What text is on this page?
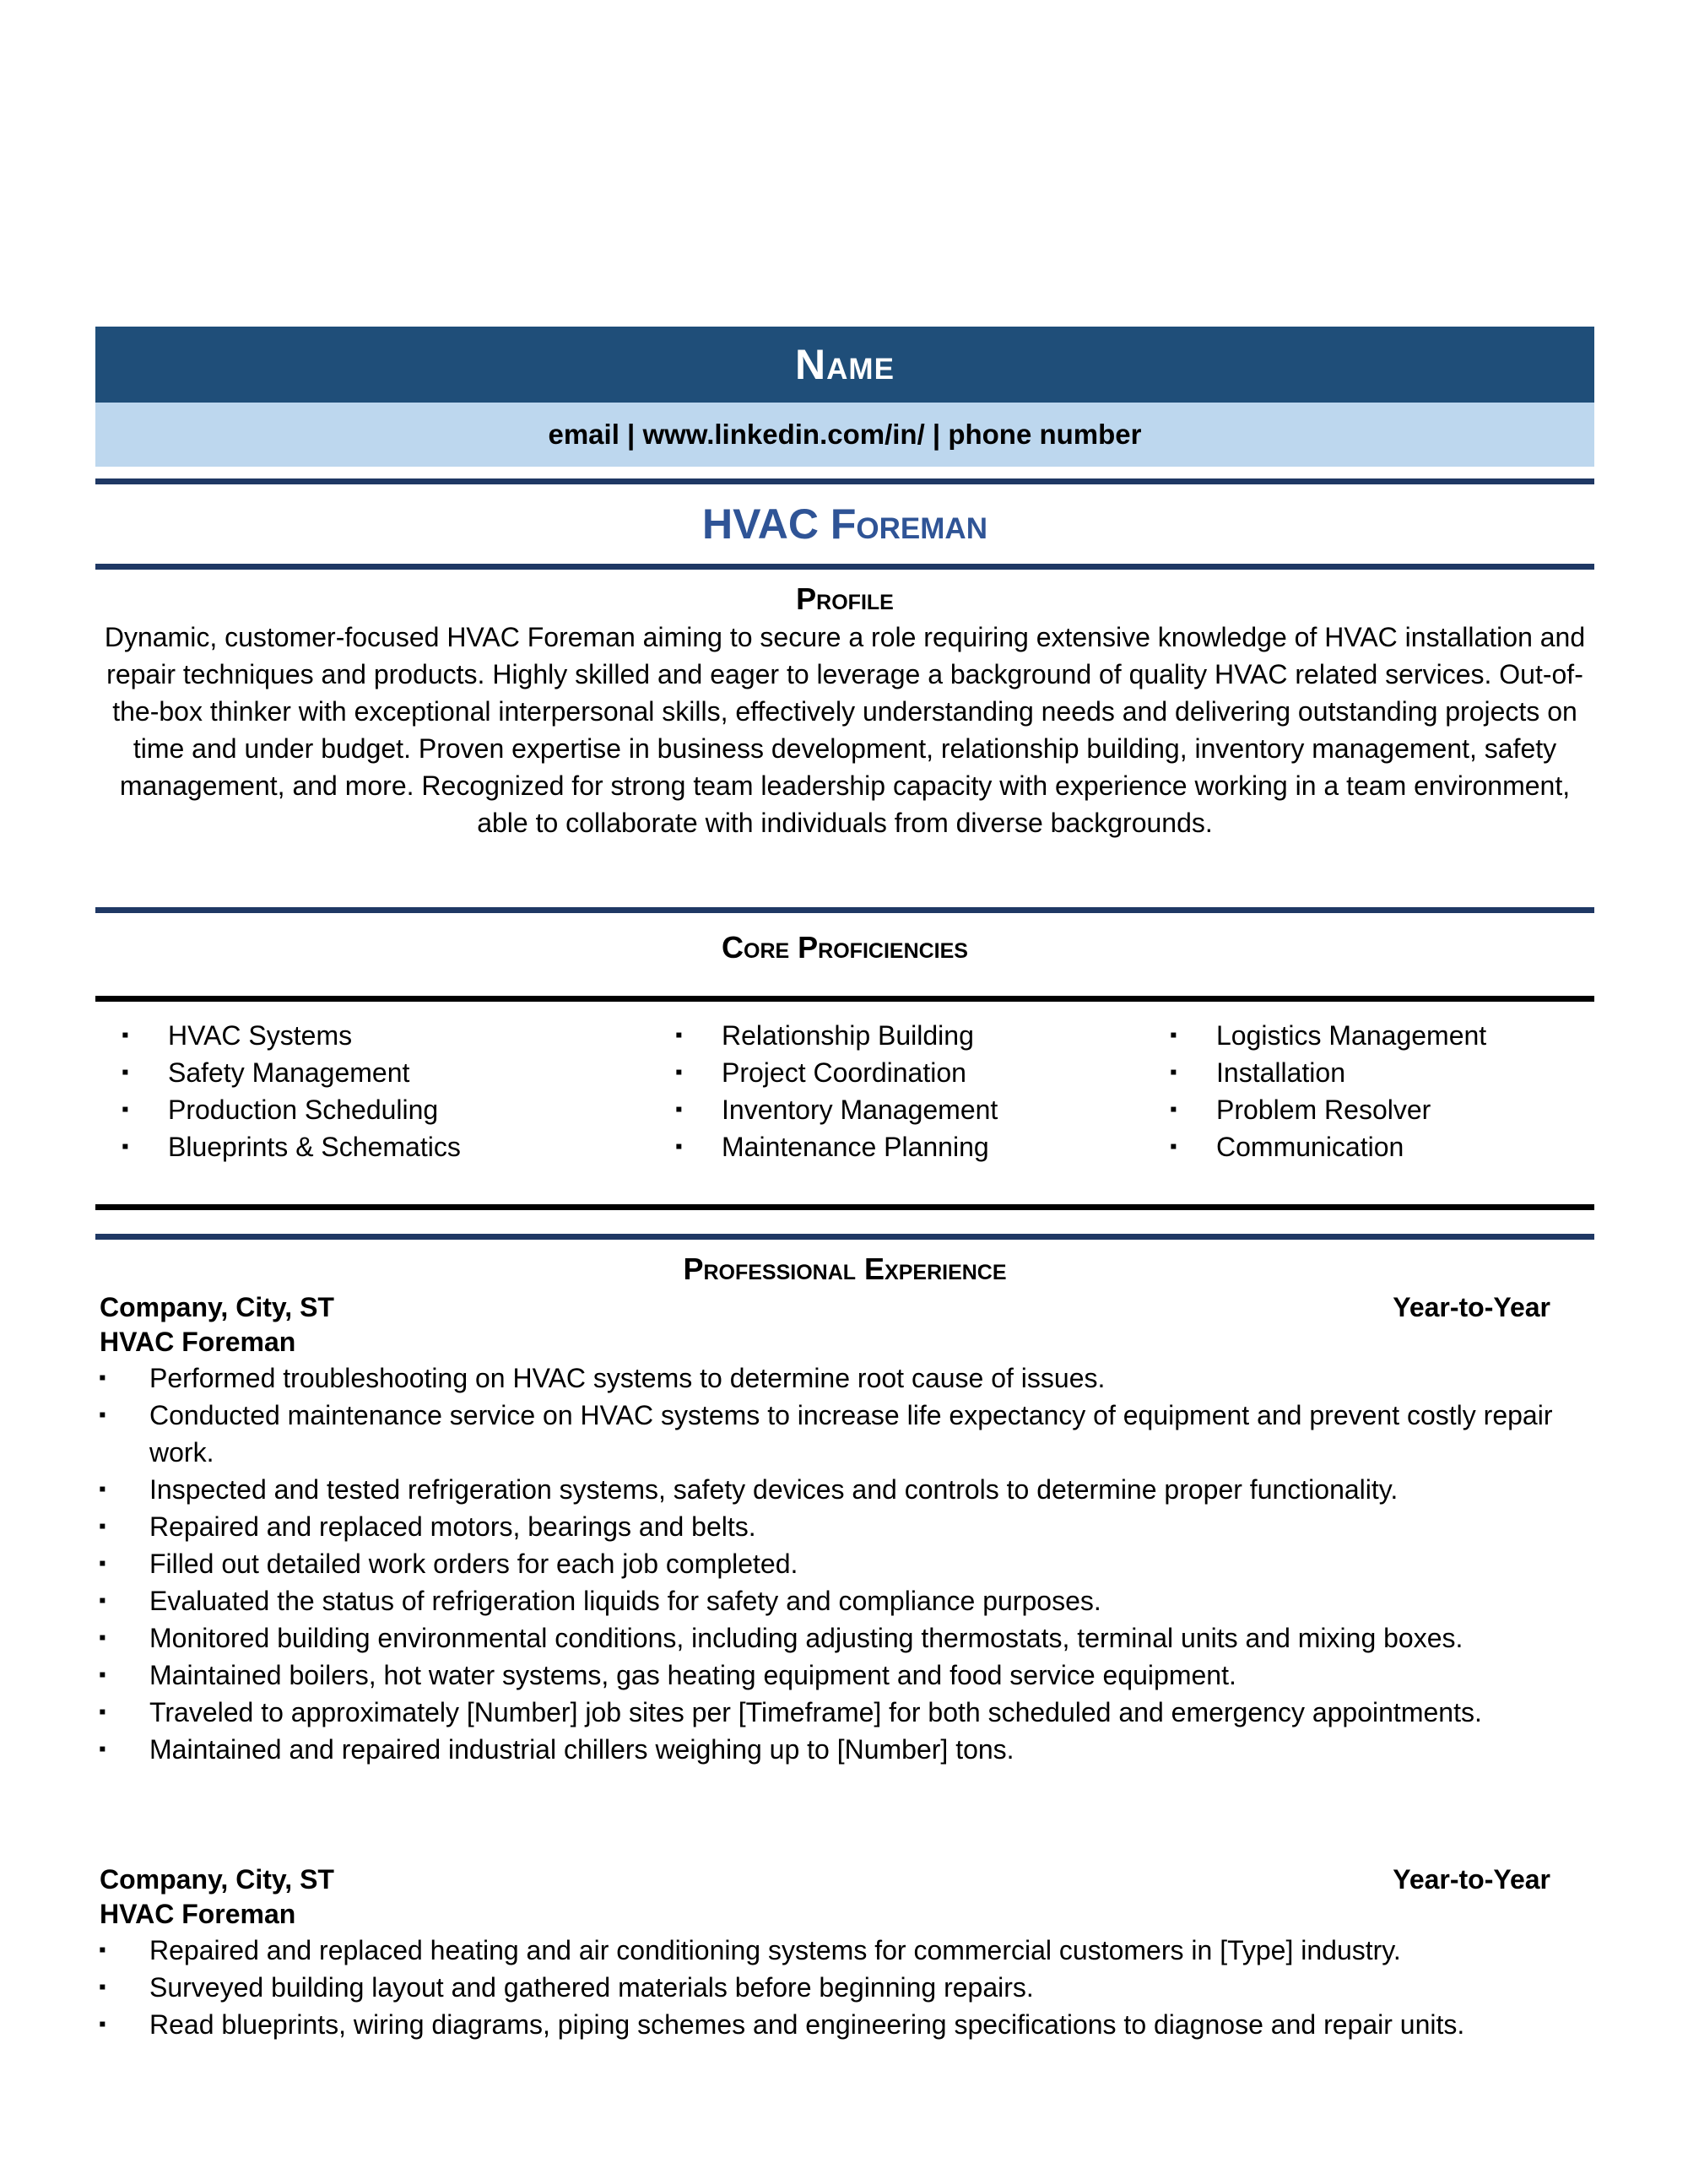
Name
email | www.linkedin.com/in/ | phone number
HVAC Foreman
Profile

Dynamic, customer-focused HVAC Foreman aiming to secure a role requiring extensive knowledge of HVAC installation and repair techniques and products. Highly skilled and eager to leverage a background of quality HVAC related services. Out-of-the-box thinker with exceptional interpersonal skills, effectively understanding needs and delivering outstanding projects on time and under budget. Proven expertise in business development, relationship building, inventory management, safety management, and more. Recognized for strong team leadership capacity with experience working in a team environment, able to collaborate with individuals from diverse backgrounds.

Core Proficiencies
▪ HVAC Systems
▪ Safety Management
▪ Production Scheduling
▪ Blueprints & Schematics
▪ Relationship Building
▪ Project Coordination
▪ Inventory Management
▪ Maintenance Planning
▪ Logistics Management
▪ Installation
▪ Problem Resolver
▪ Communication
Professional Experience
Company, City, ST	Year-to-Year
HVAC Foreman
▪ Performed troubleshooting on HVAC systems to determine root cause of issues.
▪ Conducted maintenance service on HVAC systems to increase life expectancy of equipment and prevent costly repair work.
▪ Inspected and tested refrigeration systems, safety devices and controls to determine proper functionality.
▪ Repaired and replaced motors, bearings and belts.
▪ Filled out detailed work orders for each job completed.
▪ Evaluated the status of refrigeration liquids for safety and compliance purposes.
▪ Monitored building environmental conditions, including adjusting thermostats, terminal units and mixing boxes.
▪ Maintained boilers, hot water systems, gas heating equipment and food service equipment.
▪ Traveled to approximately [Number] job sites per [Timeframe] for both scheduled and emergency appointments.
▪ Maintained and repaired industrial chillers weighing up to [Number] tons.
Company, City, ST	Year-to-Year
HVAC Foreman
▪ Repaired and replaced heating and air conditioning systems for commercial customers in [Type] industry.
▪ Surveyed building layout and gathered materials before beginning repairs.
▪ Read blueprints, wiring diagrams, piping schemes and engineering specifications to diagnose and repair units.
